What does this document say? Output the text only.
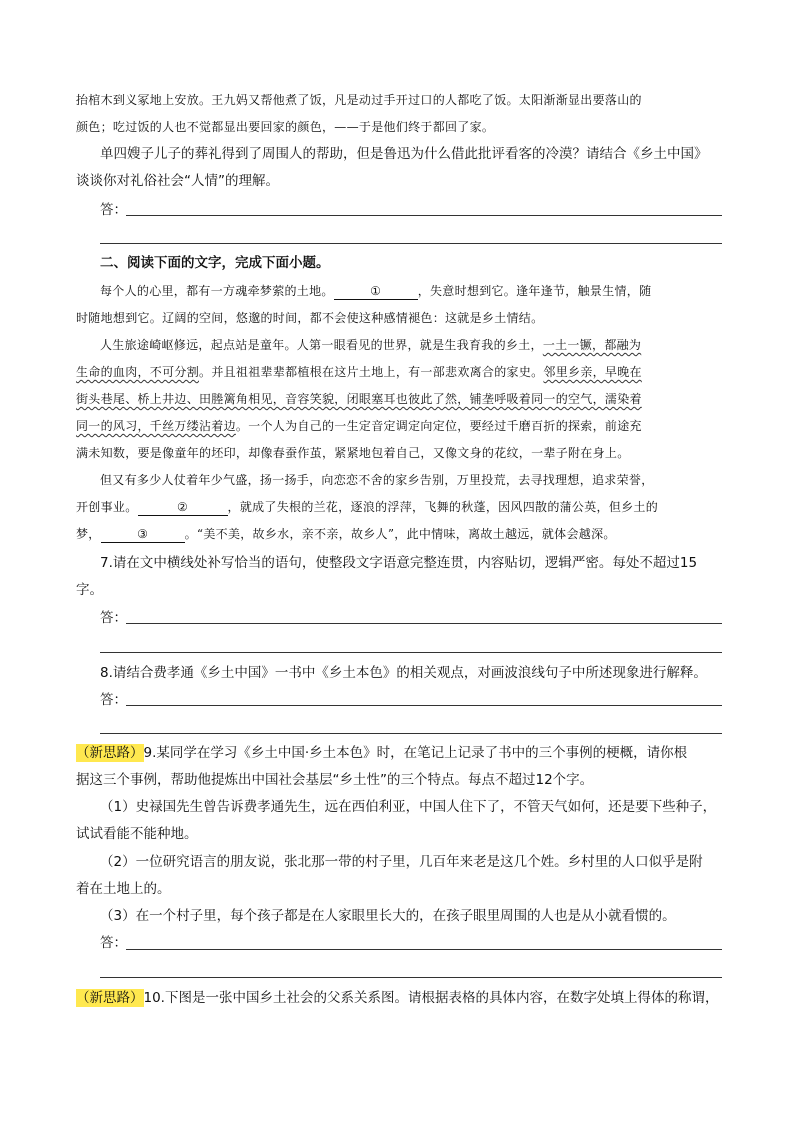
抬棺木到义冢地上安放。王九妈又帮他煮了饭，凡是动过手开过口的人都吃了饭。太阳渐渐显出要落山的
颜色；吃过饭的人也不觉都显出要回家的颜色，——于是他们终于都回了家。
单四嫂子儿子的葬礼得到了周围人的帮助，但是鲁迅为什么借此批评看客的冷漠？请结合《乡土中国》
谈谈你对礼俗社会“人情”的理解。
答：
二、阅读下面的文字，完成下面小题。
每个人的心里，都有一方魂牵梦萦的土地。	①	，失意时想到它。逢年逢节，触景生情，随
时随地想到它。辽阔的空间，悠邈的时间，都不会使这种感情褪色：这就是乡土情结。
人生旅途崎岖修远，起点站是童年。人第一眼看见的世界，就是生我育我的乡土，一土一镢，都融为
生命的血肉，不可分割。并且祖祖辈辈都植根在这片土地上，有一部悲欢离合的家史。邻里乡亲，早晚在
街头巷尾、桥上井边、田塍篱角相见，音容笑貌，闭眼塞耳也彼此了然，铺垄呼吸着同一的空气，濡染着
同一的风习，千丝万缕沾着边。一个人为自己的一生定音定调定向定位，要经过千磨百折的探索，前途充
满未知数，要是像童年的坯印，却像春蚕作茧，紧紧地包着自己，又像文身的花纹，一辈子附在身上。
但又有多少人仗着年少气盛，扬一扬手，向恋恋不舍的家乡告别，万里投荒，去寻找理想，追求荣誉，
开创事业。	②	，就成了失根的兰花，逐浪的浮萍，飞舞的秋蓬，因风四散的蒲公英，但乡土的
梦，	③	。“美不美，故乡水，亲不亲，故乡人”，此中情味，离故土越远，就体会越深。
7.请在文中横线处补写恰当的语句，使整段文字语意完整连贯，内容贴切，逻辑严密。每处不超过15
字。
答：
8.请结合费孝通《乡土中国》一书中《乡土本色》的相关观点，对画波浪线句子中所述现象进行解释。
答：
（新思路）9.某同学在学习《乡土中国·乡土本色》时，在笔记上记录了书中的三个事例的梗概，请你根
据这三个事例，帮助他提炼出中国社会基层“乡土性”的三个特点。每点不超过12个字。
（1）史禄国先生曾告诉费孝通先生，远在西伯利亚，中国人住下了，不管天气如何，还是要下些种子，
试试看能不能种地。
（2）一位研究语言的朋友说，张北那一带的村子里，几百年来老是这几个姓。乡村里的人口似乎是附
着在土地上的。
（3）在一个村子里，每个孩子都是在人家眼里长大的，在孩子眼里周围的人也是从小就看惯的。
答：
（新思路）10.下图是一张中国乡土社会的父系关系图。请根据表格的具体内容，在数字处填上得体的称谓，
